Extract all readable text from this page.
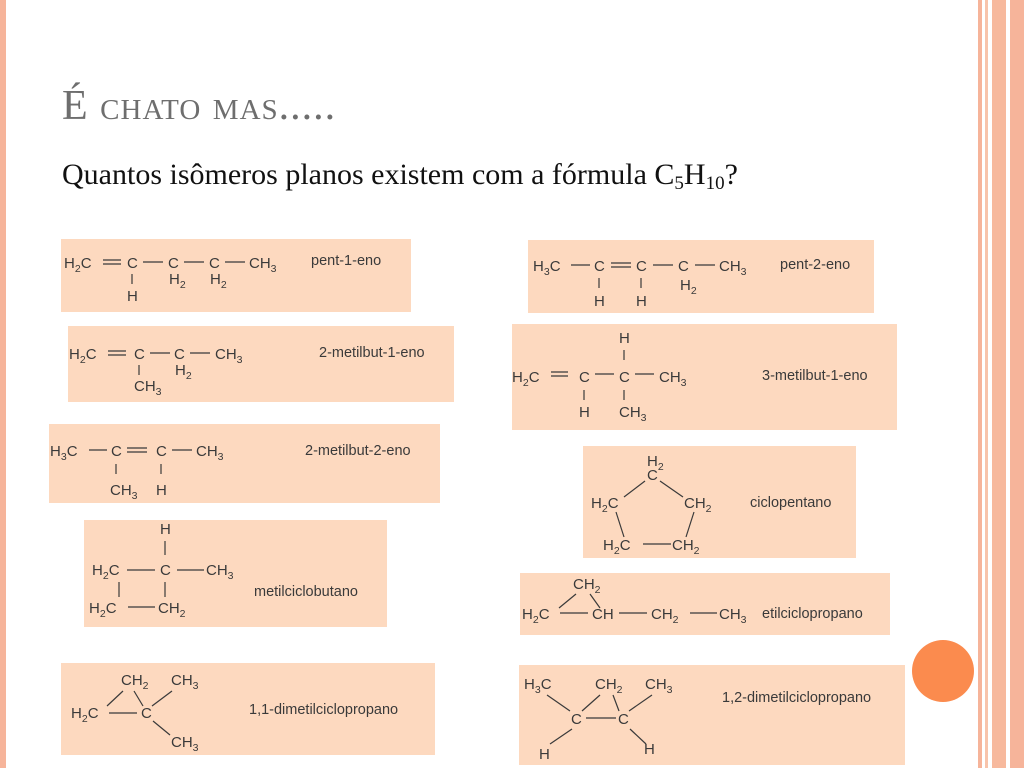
É chato mas.....

Quantos isômeros planos existem com a fórmula $C_5H_{10}$?

$H_2C$ C C C $CH_3$
H
$H_2$ $H_2$
pent-1-eno	$H_3C$ C C C $CH_3$
H H
$H_2$
pent-2-eno
$H_2C$ C C $CH_3$
$CH_3$
$H_2$
2-metilbut-1-eno
H
$H_2C$	C C $CH_3$
H $CH_3$
3-metilbut-1-eno
$H_3C$ C C $CH_3$
$CH_3$ H
2-metilbut-2-eno
$H_2$
C
$H_2C$	$CH_2$
$H_2C$	$CH_2$
ciclopentano
H
$H_2C$	C $CH_3$
$H_2C$	$CH_2$
metilciclobutano	$CH_2$
$H_2C$	CH $CH_2$	$CH_3$ etilciclopropano
$CH_2$ $CH_3$
$H_2C$	C
$CH_3$
1,1-dimetilciclopropano
$H_3C$	$CH_2$ $CH_3$
C C
H	H
1,2-dimetilciclopropano
